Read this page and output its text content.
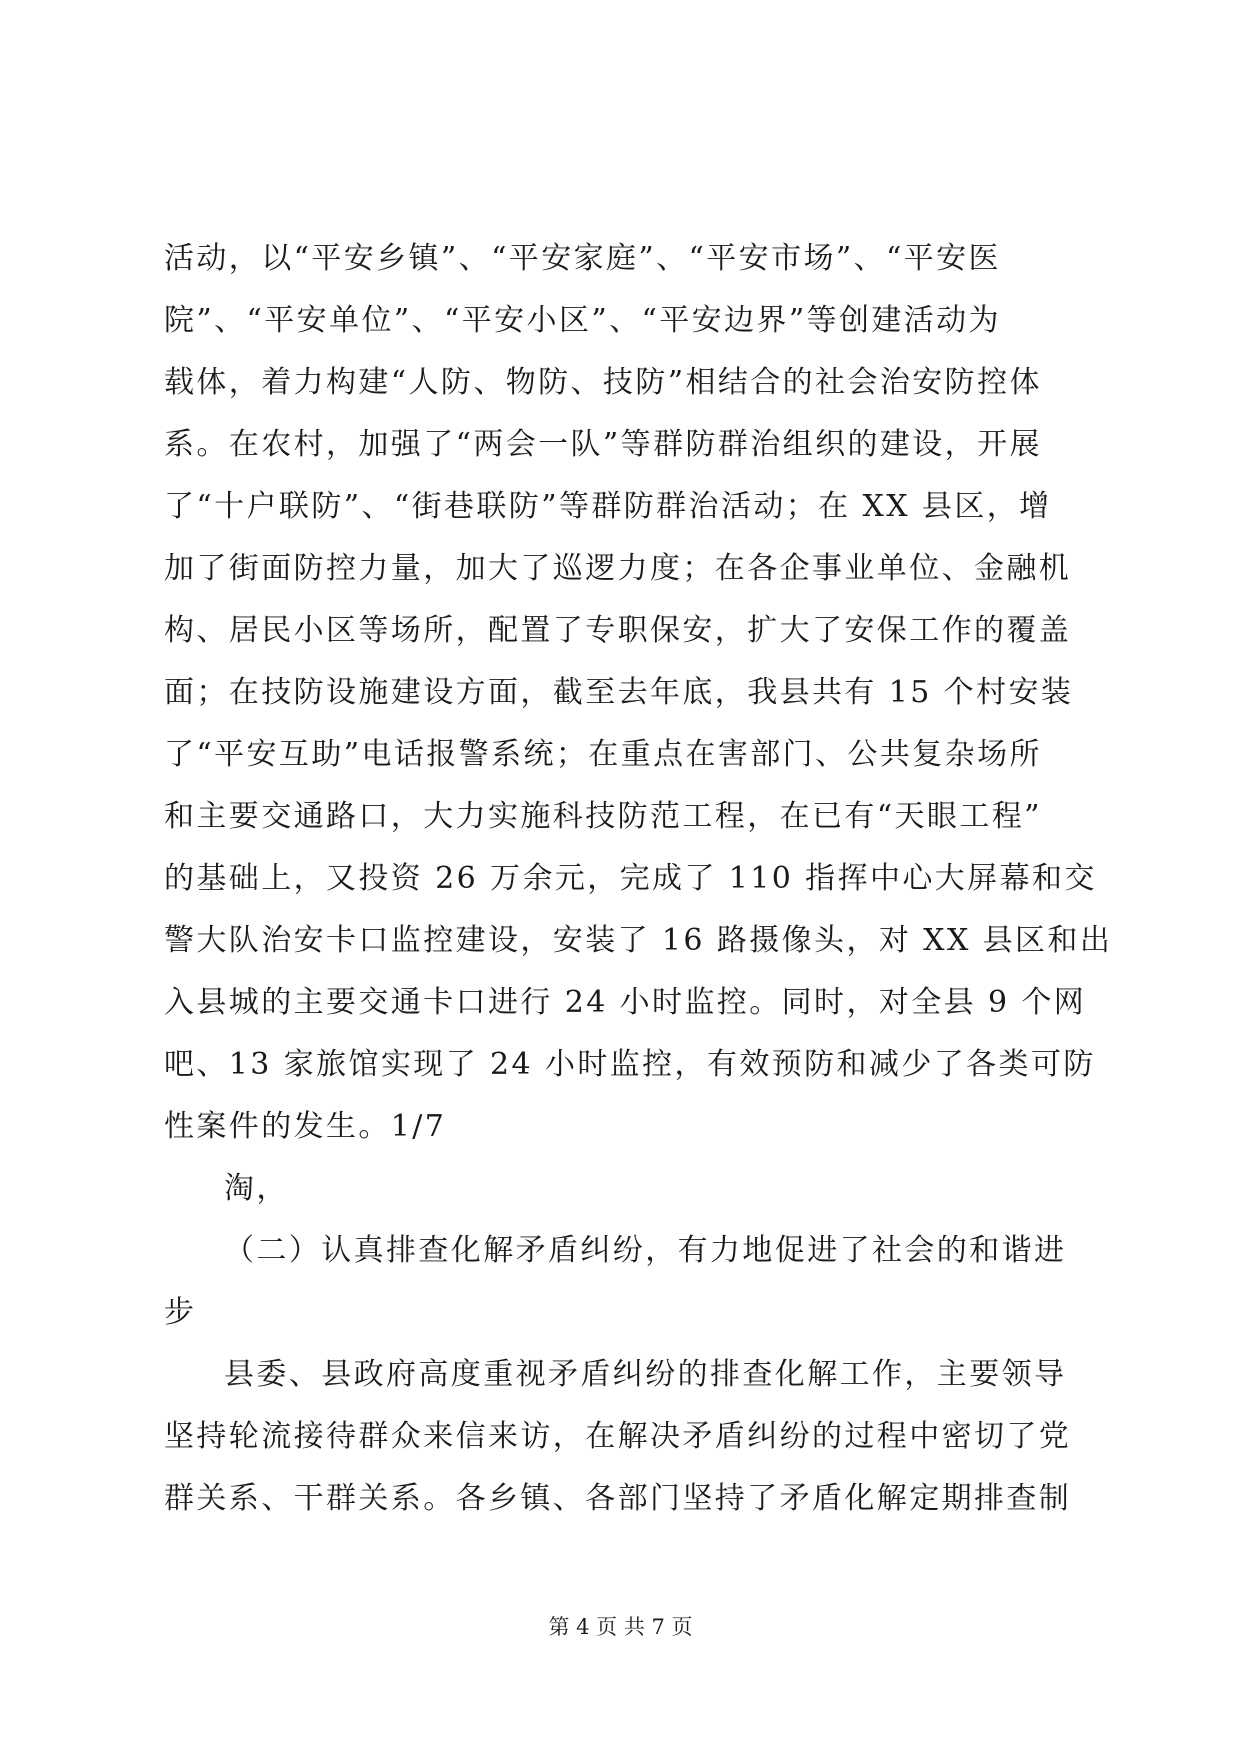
活动，以“平安乡镇”、“平安家庭”、“平安市场”、“平安医
院”、“平安单位”、“平安小区”、“平安边界”等创建活动为
载体，着力构建“人防、物防、技防”相结合的社会治安防控体
系。在农村，加强了“两会一队”等群防群治组织的建设，开展
了“十户联防”、“街巷联防”等群防群治活动；在 XX 县区，增
加了街面防控力量，加大了巡逻力度；在各企事业单位、金融机
构、居民小区等场所，配置了专职保安，扩大了安保工作的覆盖
面；在技防设施建设方面，截至去年底，我县共有 15 个村安装
了“平安互助”电话报警系统；在重点在害部门、公共复杂场所
和主要交通路口，大力实施科技防范工程，在已有“天眼工程”
的基础上，又投资 26 万余元，完成了 110 指挥中心大屏幕和交
警大队治安卡口监控建设，安装了 16 路摄像头，对 XX 县区和出
入县城的主要交通卡口进行 24 小时监控。同时，对全县 9 个网
吧、13 家旅馆实现了 24 小时监控，有效预防和减少了各类可防
性案件的发生。1/7
淘，
（二）认真排查化解矛盾纠纷，有力地促进了社会的和谐进
步
县委、县政府高度重视矛盾纠纷的排查化解工作，主要领导
坚持轮流接待群众来信来访，在解决矛盾纠纷的过程中密切了党
群关系、干群关系。各乡镇、各部门坚持了矛盾化解定期排查制
第 4 页 共 7 页
